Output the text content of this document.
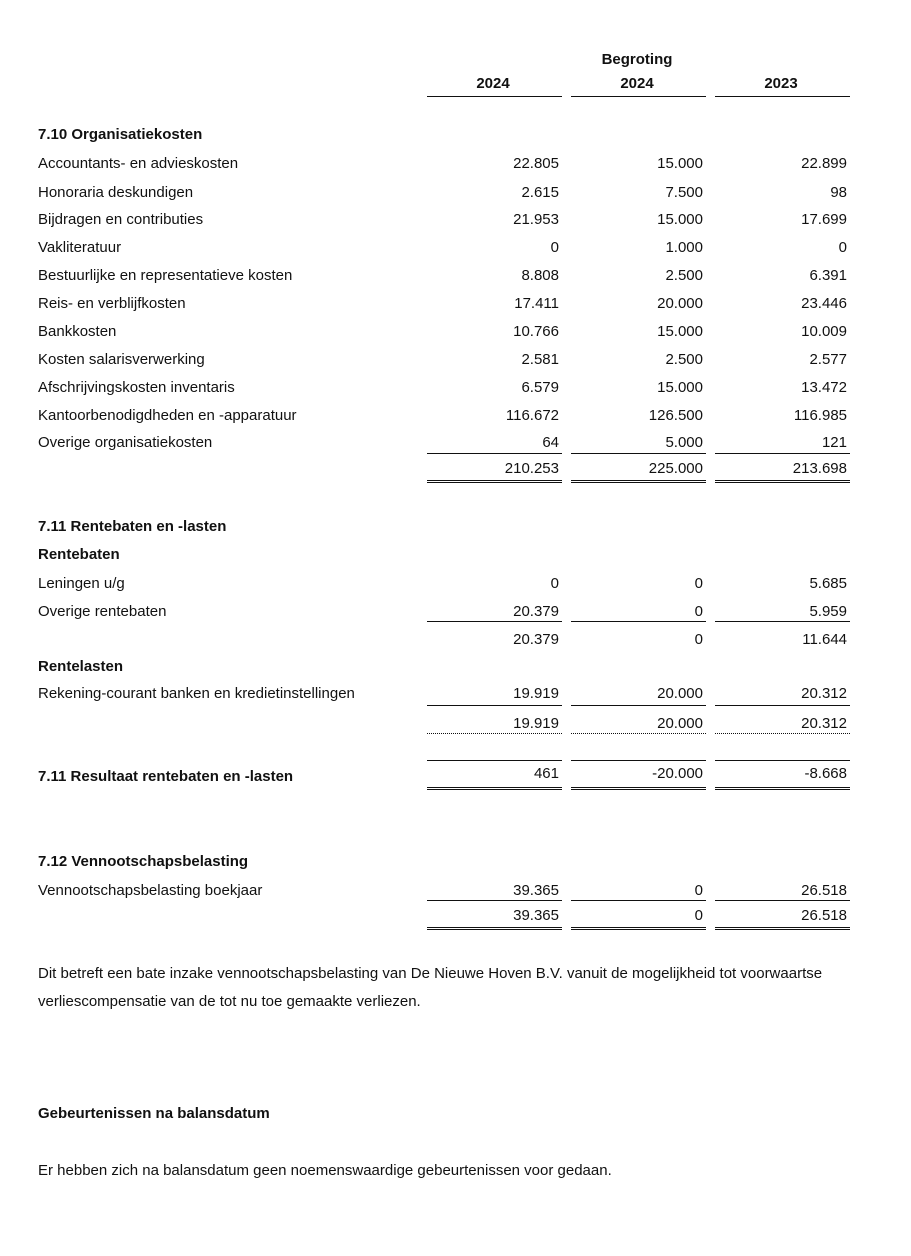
Begroting
2024	2024	2023
7.10 Organisatiekosten
Accountants- en advieskosten	22.805	15.000	22.899
Honoraria deskundigen	2.615	7.500	98
Bijdragen en contributies	21.953	15.000	17.699
Vakliteratuur	0	1.000	0
Bestuurlijke en representatieve kosten	8.808	2.500	6.391
Reis- en verblijfkosten	17.411	20.000	23.446
Bankkosten	10.766	15.000	10.009
Kosten salarisverwerking	2.581	2.500	2.577
Afschrijvingskosten inventaris	6.579	15.000	13.472
Kantoorbenodigdheden en -apparatuur	116.672	126.500	116.985
Overige organisatiekosten	64	5.000	121
210.253	225.000	213.698
7.11 Rentebaten en -lasten
Rentebaten
Leningen u/g	0	0	5.685
Overige rentebaten	20.379	0	5.959
20.379	0	11.644
Rentelasten
Rekening-courant banken en kredietinstellingen	19.919	20.000	20.312
19.919	20.000	20.312
7.11 Resultaat rentebaten en -lasten	461	-20.000	-8.668
7.12 Vennootschapsbelasting
Vennootschapsbelasting boekjaar	39.365	0	26.518
39.365	0	26.518
Dit betreft een bate inzake vennootschapsbelasting van De Nieuwe Hoven B.V. vanuit de mogelijkheid tot voorwaartse verliescompensatie van de tot nu toe gemaakte verliezen.
Gebeurtenissen na balansdatum
Er hebben zich na balansdatum geen noemenswaardige gebeurtenissen voor gedaan.
